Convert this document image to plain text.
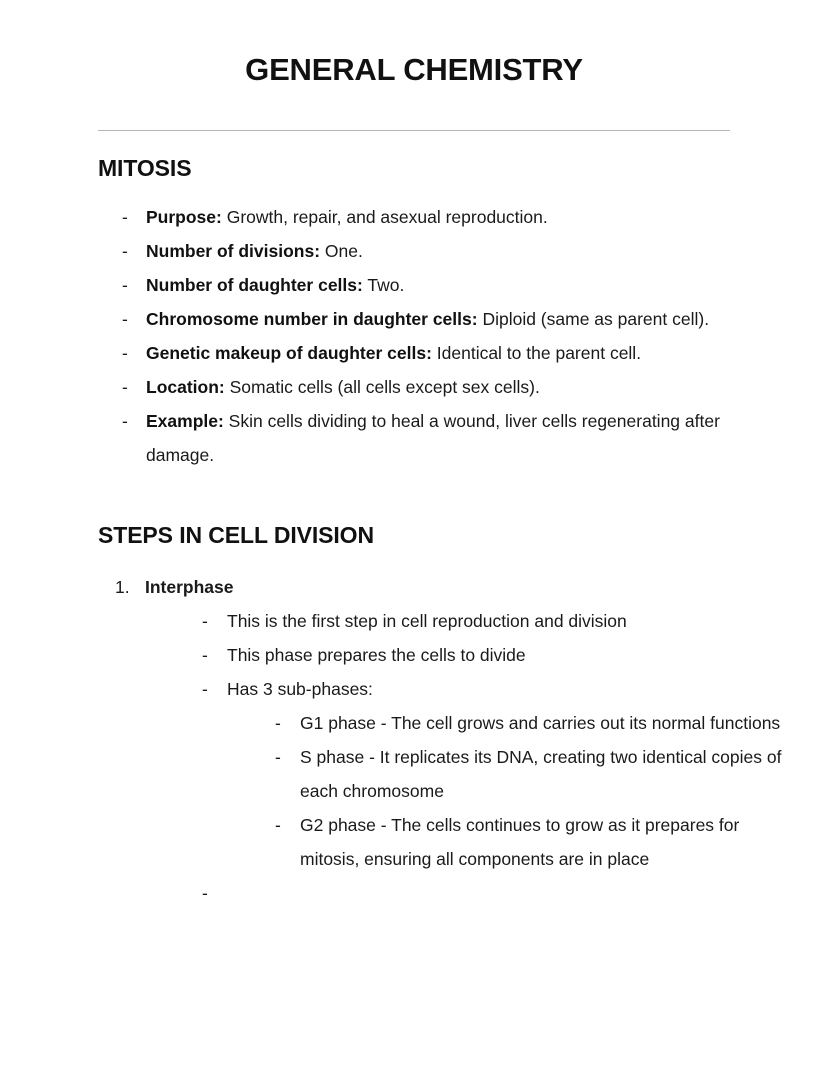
GENERAL CHEMISTRY
MITOSIS
- Purpose: Growth, repair, and asexual reproduction.
- Number of divisions: One.
- Number of daughter cells: Two.
- Chromosome number in daughter cells: Diploid (same as parent cell).
- Genetic makeup of daughter cells: Identical to the parent cell.
- Location: Somatic cells (all cells except sex cells).
- Example: Skin cells dividing to heal a wound, liver cells regenerating after damage.
STEPS IN CELL DIVISION
1. Interphase
- This is the first step in cell reproduction and division
- This phase prepares the cells to divide
- Has 3 sub-phases:
- G1 phase - The cell grows and carries out its normal functions
- S phase - It replicates its DNA, creating two identical copies of each chromosome
- G2 phase - The cells continues to grow as it prepares for mitosis, ensuring all components are in place
-
